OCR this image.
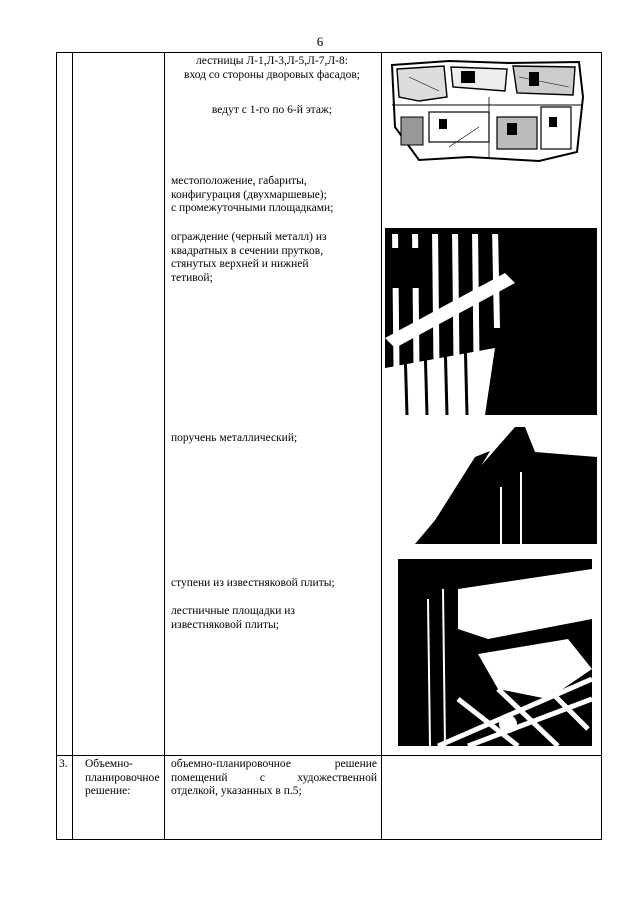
6
лестницы Л-1,Л-3,Л-5,Л-7,Л-8:
вход со стороны дворовых фасадов;
ведут с 1-го по 6-й этаж;
местоположение, габариты,
конфигурация (двухмаршевые);
с промежуточными площадками;
ограждение (черный металл) из
квадратных в сечении прутков,
стянутых верхней и нижней
тетивой;
поручень металлический;
ступени из известняковой плиты;
лестничные площадки из
известняковой плиты;
3.	Объемно-
планировочное
решение:
объемно-планировочное решение
помещений с художественной
отделкой, указанных в п.5;
